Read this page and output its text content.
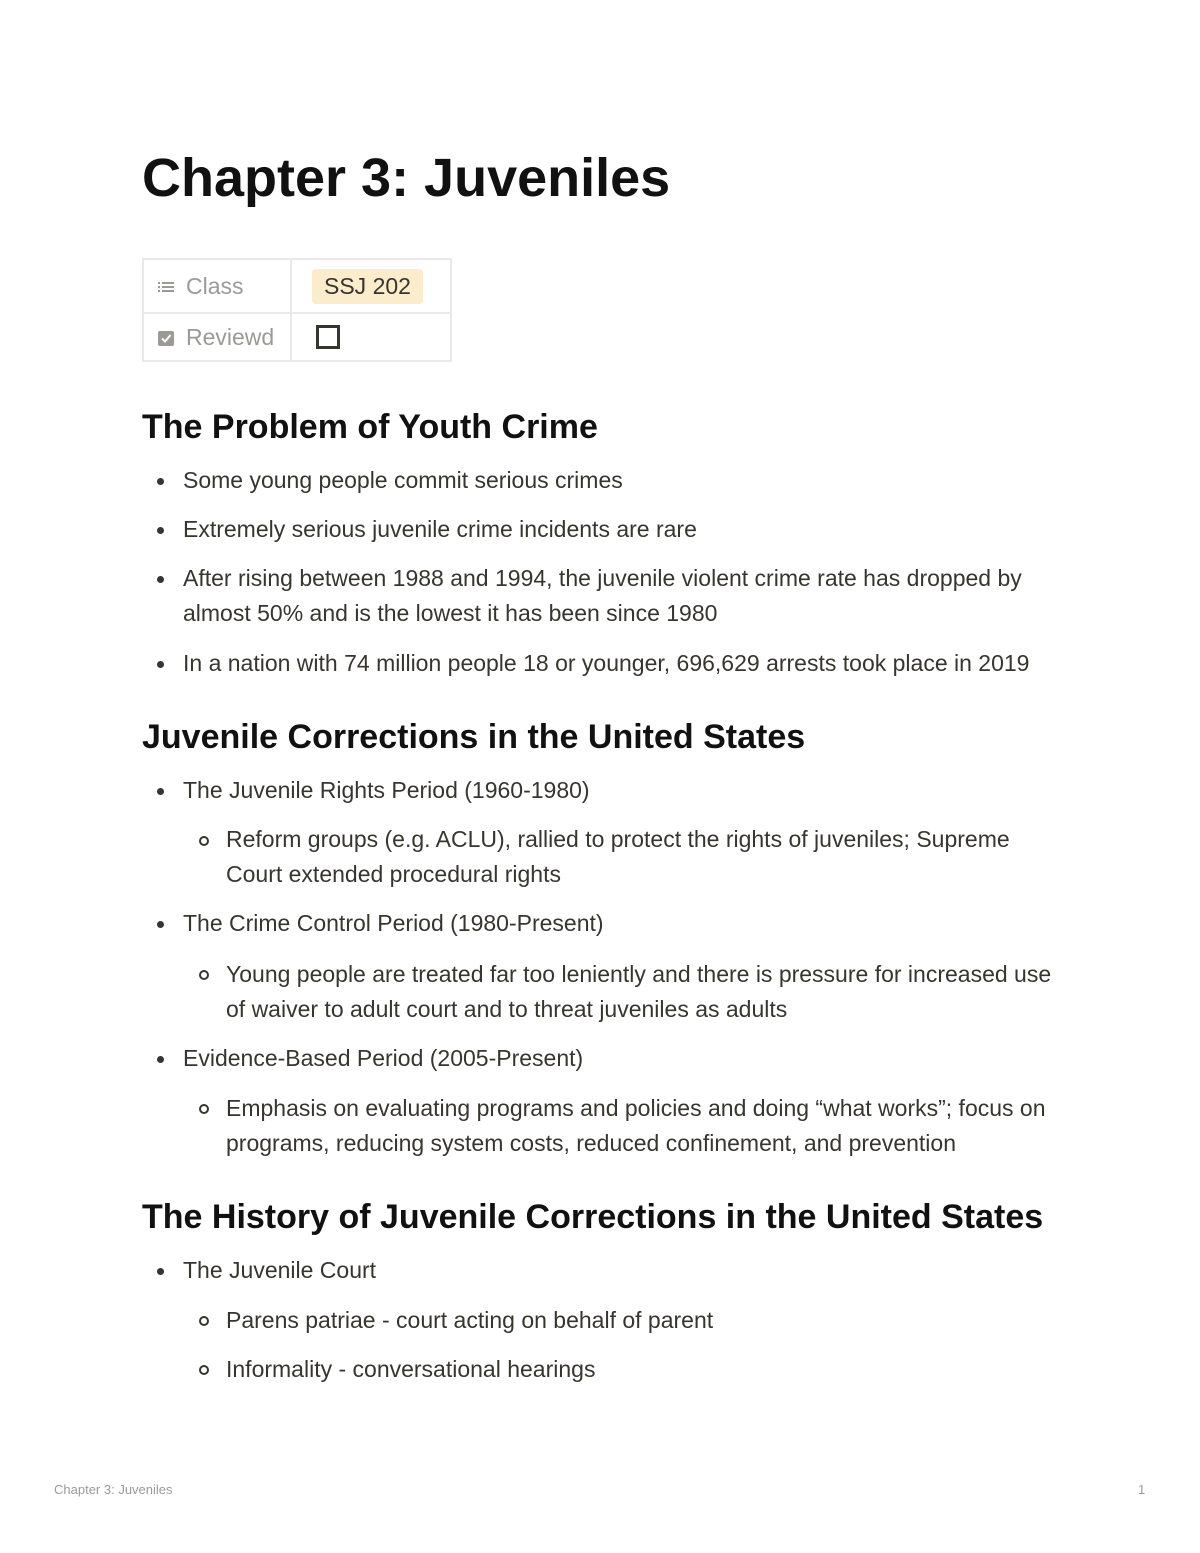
Chapter 3: Juveniles
Class	SSJ 202

Reviewd	

The Problem of Youth Crime
Some young people commit serious crimes
Extremely serious juvenile crime incidents are rare
After rising between 1988 and 1994, the juvenile violent crime rate has dropped by almost 50% and is the lowest it has been since 1980
In a nation with 74 million people 18 or younger, 696,629 arrests took place in 2019
Juvenile Corrections in the United States
The Juvenile Rights Period (1960-1980)
Reform groups (e.g. ACLU), rallied to protect the rights of juveniles; Supreme Court extended procedural rights
The Crime Control Period (1980-Present)
Young people are treated far too leniently and there is pressure for increased use of waiver to adult court and to threat juveniles as adults
Evidence-Based Period (2005-Present)
Emphasis on evaluating programs and policies and doing “what works”; focus on programs, reducing system costs, reduced confinement, and prevention
The History of Juvenile Corrections in the United States
The Juvenile Court
Parens patriae - court acting on behalf of parent
Informality - conversational hearings
Chapter 3: Juveniles	1
